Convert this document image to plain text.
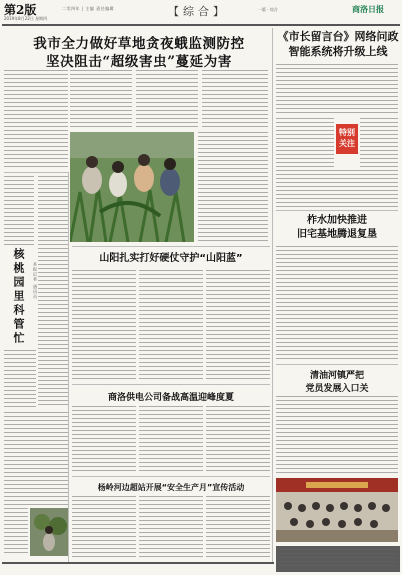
第2版
2019年8月22日 星期四
二零四年 | 主编 责任编辑	【综合】	一版 · 综合	商洛日报
我市全力做好草地贪夜蛾监测防控
坚决阻击“超级害虫”蔓延为害
核桃园里科管忙 本报记者 通讯员
《市长留言台》网络问政
智能系统将升级上线
特别
关注
柞水加快推进
旧宅基地腾退复垦
山阳扎实打好硬仗守护“山阳蓝”
清油河镇严把
党员发展入口关
商洛供电公司备战高温迎峰度夏
杨岭河边超站开展“安全生产月”宣传活动
